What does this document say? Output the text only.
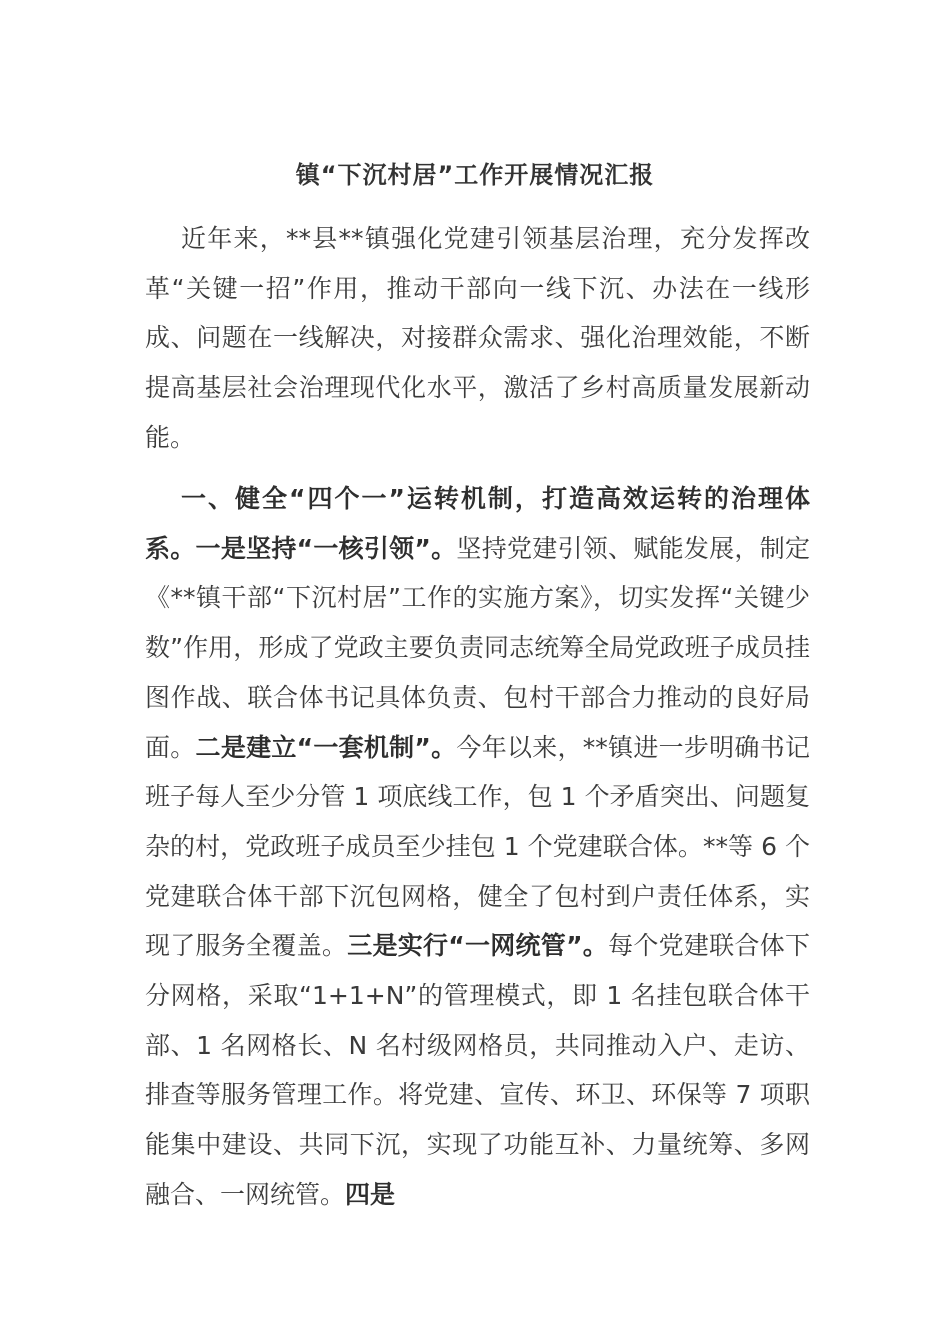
镇“下沉村居”工作开展情况汇报

近年来，**县**镇强化党建引领基层治理，充分发挥改革“关键一招”作用，推动干部向一线下沉、办法在一线形成、问题在一线解决，对接群众需求、强化治理效能，不断提高基层社会治理现代化水平，激活了乡村高质量发展新动能。

一、健全“四个一”运转机制，打造高效运转的治理体系。一是坚持“一核引领”。坚持党建引领、赋能发展，制定《**镇干部“下沉村居”工作的实施方案》，切实发挥“关键少数”作用，形成了党政主要负责同志统筹全局党政班子成员挂图作战、联合体书记具体负责、包村干部合力推动的良好局面。二是建立“一套机制”。今年以来，**镇进一步明确书记班子每人至少分管 1 项底线工作，包 1 个矛盾突出、问题复杂的村，党政班子成员至少挂包 1 个党建联合体。**等 6 个党建联合体干部下沉包网格，健全了包村到户责任体系，实现了服务全覆盖。三是实行“一网统管”。每个党建联合体下分网格，采取“1+1+N”的管理模式，即 1 名挂包联合体干部、1 名网格长、N 名村级网格员，共同推动入户、走访、排查等服务管理工作。将党建、宣传、环卫、环保等 7 项职能集中建设、共同下沉，实现了功能互补、力量统筹、多网融合、一网统管。四是
